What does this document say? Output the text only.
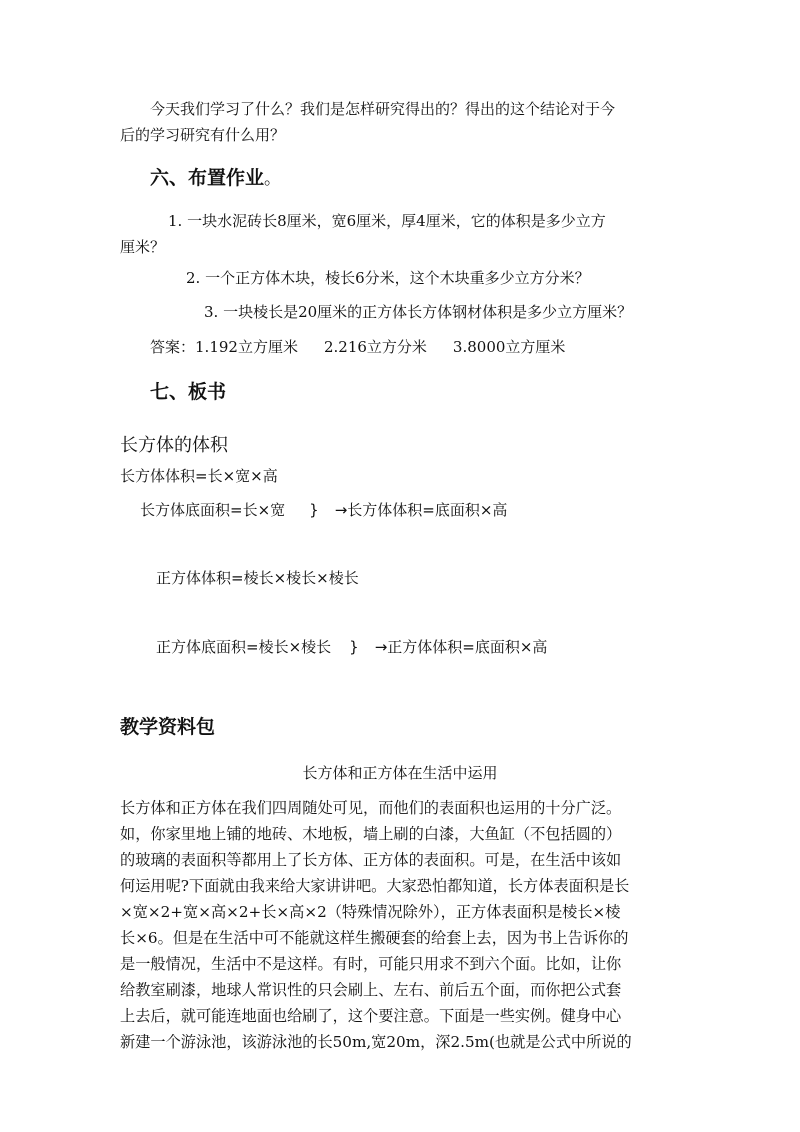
今天我们学习了什么？我们是怎样研究得出的？得出的这个结论对于今
后的学习研究有什么用？
六、布置作业。
1. 一块水泥砖长8厘米，宽6厘米，厚4厘米，它的体积是多少立方
厘米？
2. 一个正方体木块，棱长6分米，这个木块重多少立方分米？
3. 一块棱长是20厘米的正方体长方体钢材体积是多少立方厘米？
答案：1.192立方厘米 2.216立方分米 3.8000立方厘米
七、板书
长方体的体积
长方体体积=长×宽×高
长方体底面积=长×宽 } →长方体体积=底面积×高
正方体体积=棱长×棱长×棱长
正方体底面积=棱长×棱长 } →正方体体积=底面积×高
教学资料包
长方体和正方体在生活中运用
长方体和正方体在我们四周随处可见，而他们的表面积也运用的十分广泛。
如，你家里地上铺的地砖、木地板，墙上刷的白漆，大鱼缸（不包括圆的）
的玻璃的表面积等都用上了长方体、正方体的表面积。可是，在生活中该如
何运用呢?下面就由我来给大家讲讲吧。大家恐怕都知道，长方体表面积是长
×宽×2+宽×高×2+长×高×2（特殊情况除外），正方体表面积是棱长×棱
长×6。但是在生活中可不能就这样生搬硬套的给套上去，因为书上告诉你的
是一般情况，生活中不是这样。有时，可能只用求不到六个面。比如，让你
给教室刷漆，地球人常识性的只会刷上、左右、前后五个面，而你把公式套
上去后，就可能连地面也给刷了，这个要注意。下面是一些实例。健身中心
新建一个游泳池，该游泳池的长50m,宽20m，深2.5m(也就是公式中所说的
